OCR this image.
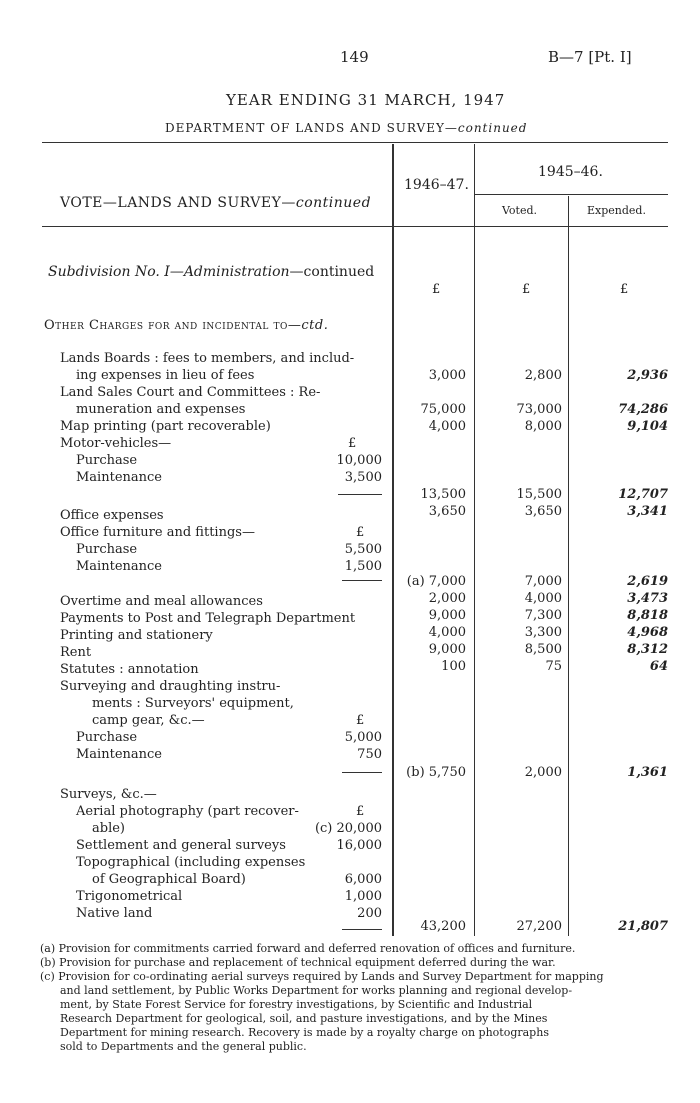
149	B—7 [Pt. I]
YEAR ENDING 31 MARCH, 1947
DEPARTMENT OF LANDS AND SURVEY—continued
VOTE—LANDS AND SURVEY—continued
1946–47.
1945–46.
Voted.	Expended.
Subdivision No. I—Administration—continued
£	£	£
Other Charges for and incidental to—ctd.
Lands Boards : fees to members, and includ-
ing expenses in lieu of fees	3,000	2,800	2,936
Land Sales Court and Committees : Re-
muneration and expenses	75,000	73,000	74,286
Map printing (part recoverable)	4,000	8,000	9,104
Motor-vehicles—	£
Purchase	10,000
Maintenance	3,500
13,500	15,500	12,707
Office expenses	3,650	3,650	3,341
Office furniture and fittings—	£
Purchase	5,500
Maintenance	1,500
(a) 7,000	7,000	2,619
Overtime and meal allowances	2,000	4,000	3,473
Payments to Post and Telegraph Department	9,000	7,300	8,818
Printing and stationery	4,000	3,300	4,968
Rent	9,000	8,500	8,312
Statutes : annotation	100	75	64
Surveying and draughting instru-
ments : Surveyors' equipment,
camp gear, &c.—	£
Purchase	5,000
Maintenance	750
(b) 5,750	2,000	1,361
Surveys, &c.—
£
Aerial photography (part recover-
able)	(c) 20,000
Settlement and general surveys	16,000
Topographical (including expenses
of Geographical Board)	6,000
Trigonometrical	1,000
Native land	200
43,200	27,200	21,807
(a) Provision for commitments carried forward and deferred renovation of offices and furniture.
(b) Provision for purchase and replacement of technical equipment deferred during the war.
(c) Provision for co-ordinating aerial surveys required by Lands and Survey Department for mapping
and land settlement, by Public Works Department for works planning and regional develop-
ment, by State Forest Service for forestry investigations, by Scientific and Industrial
Research Department for geological, soil, and pasture investigations, and by the Mines
Department for mining research. Recovery is made by a royalty charge on photographs
sold to Departments and the general public.
